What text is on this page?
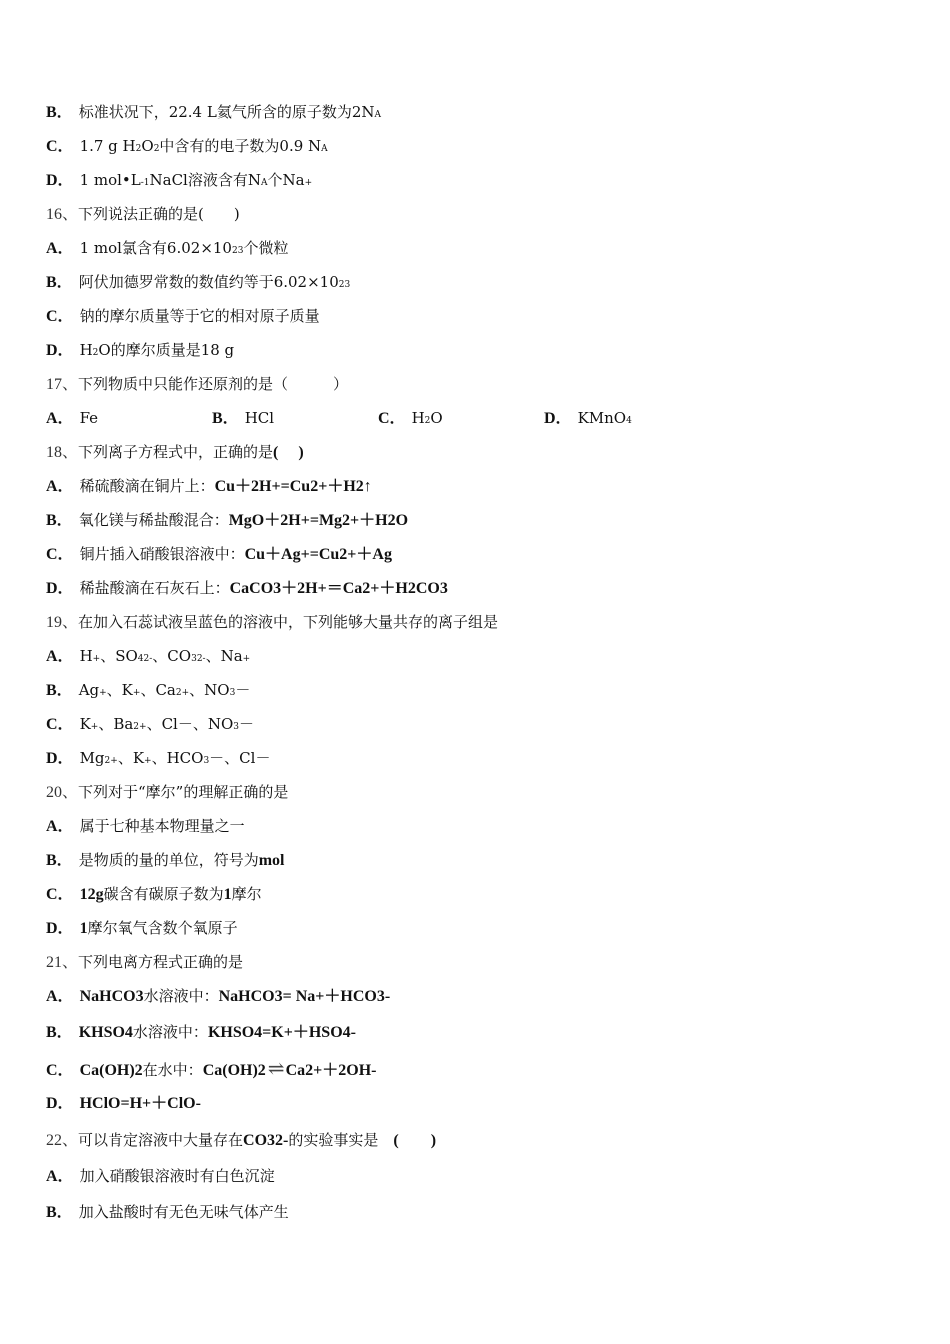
B． 标准状况下，22.4 L氦气所含的原子数为2N A
C． 1.7 g H 2 O 2 中含有的电子数为0.9 N A
D． 1 mol•L -1 NaCl溶液含有N A 个Na +
16、 下列说法正确的是(　　)
A． 1 mol氯含有6.02×10 23 个微粒
B． 阿伏加德罗常数的数值约等于6.02×10 23
C． 钠的摩尔质量等于它的相对原子质量
D． H 2 O的摩尔质量是18 g
17、 下列物质中只能作还原剂的是（　　　）
A． Fe	B． HCl	C． H 2 O	D． KMnO 4
18、 下列离子方程式中，正确的是 (　 )
A． 稀硫酸滴在铜片上： Cu＋2H + =Cu 2+ ＋H 2 ↑
B． 氧化镁与稀盐酸混合： MgO＋2H + =Mg 2+ ＋H 2 O
C． 铜片插入硝酸银溶液中： Cu＋Ag + =Cu 2+ ＋Ag
D． 稀盐酸滴在石灰石上： CaCO 3 ＋2H + ＝Ca 2+ ＋H 2 CO 3
19、 在加入石蕊试液呈蓝色的溶液中，下列能够大量共存的离子组是
A． H + 、SO 4 2- 、CO 3 2- 、Na +
B． Ag + 、K + 、Ca 2+ 、NO 3 －
C． K + 、Ba 2+ 、Cl－、NO 3 －
D． Mg 2+ 、K + 、HCO 3 －、Cl－
20、 下列对于“摩尔”的理解正确的是
A． 属于七种基本物理量之一
B． 是物质的量的单位，符号为 mol
C． 12g 碳含有碳原子数为 1 摩尔
D． 1 摩尔氧气含数个氧原子
21、 下列电离方程式正确的是
A． NaHCO 3 水溶液中： NaHCO 3 = Na + ＋HCO 3 -
B． KHSO 4 水溶液中： KHSO 4 =K + ＋HSO 4 -
C． Ca(OH) 2 在水中： Ca(OH) 2 ⇌ Ca 2+ ＋2OH -
D． HClO=H + ＋ClO -
22、 可以肯定溶液中大量存在 CO 3 2- 的实验事实是　 (　　)
A． 加入硝酸银溶液时有白色沉淀
B． 加入盐酸时有无色无味气体产生
